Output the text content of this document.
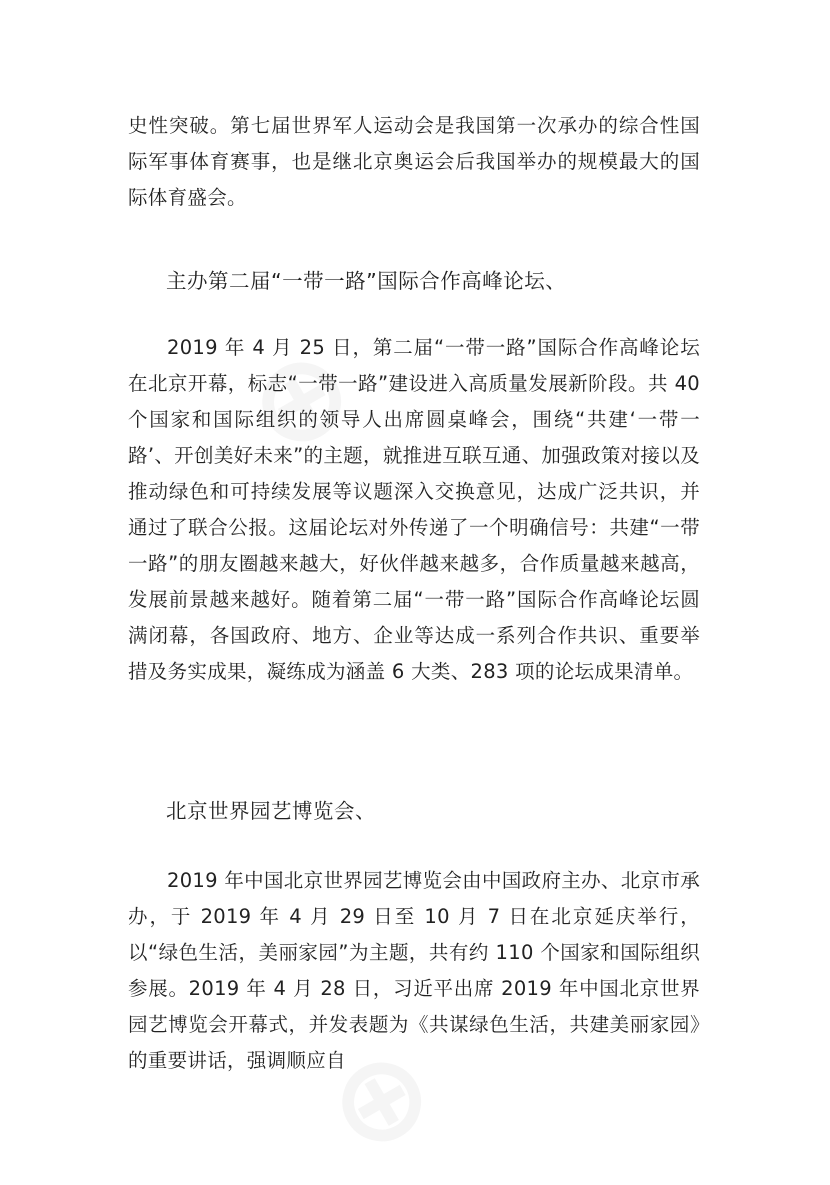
⊕
⊕

史性突破。第七届世界军人运动会是我国第一次承办的综合性国际军事体育赛事，也是继北京奥运会后我国举办的规模最大的国际体育盛会。

主办第二届“一带一路”国际合作高峰论坛、

2019 年 4 月 25 日，第二届“一带一路”国际合作高峰论坛在北京开幕，标志“一带一路”建设进入高质量发展新阶段。共 40 个国家和国际组织的领导人出席圆桌峰会，围绕“共建‘一带一路’、开创美好未来”的主题，就推进互联互通、加强政策对接以及推动绿色和可持续发展等议题深入交换意见，达成广泛共识，并通过了联合公报。这届论坛对外传递了一个明确信号：共建“一带一路”的朋友圈越来越大，好伙伴越来越多，合作质量越来越高，发展前景越来越好。随着第二届“一带一路”国际合作高峰论坛圆满闭幕，各国政府、地方、企业等达成一系列合作共识、重要举措及务实成果，凝练成为涵盖 6 大类、283 项的论坛成果清单。

北京世界园艺博览会、

2019 年中国北京世界园艺博览会由中国政府主办、北京市承办，于 2019 年 4 月 29 日至 10 月 7 日在北京延庆举行，以“绿色生活，美丽家园”为主题，共有约 110 个国家和国际组织参展。2019 年 4 月 28 日，习近平出席 2019 年中国北京世界园艺博览会开幕式，并发表题为《共谋绿色生活，共建美丽家园》的重要讲话，强调顺应自
